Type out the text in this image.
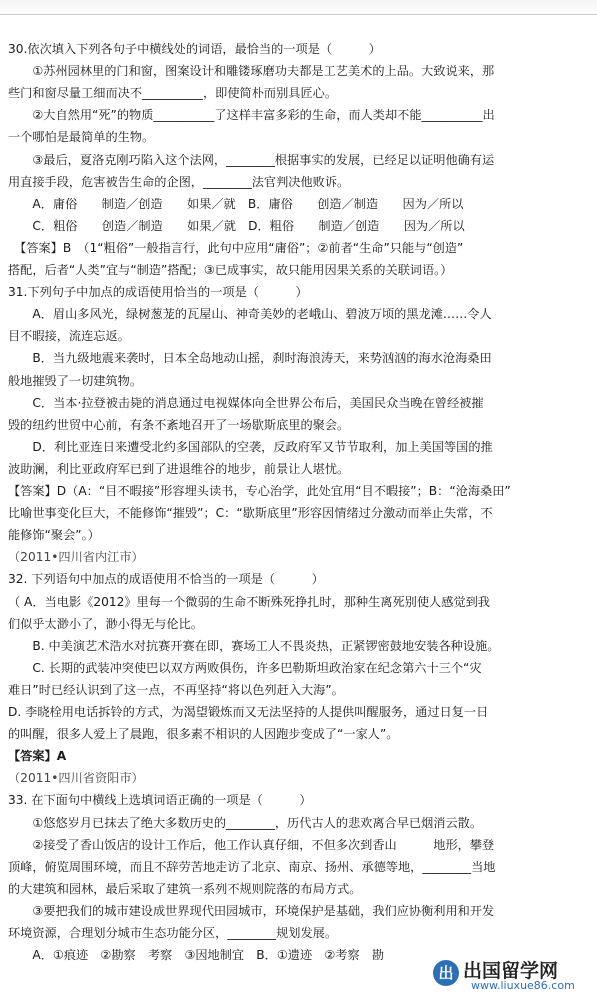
30.依次填入下列各句子中横线处的词语，最恰当的一项是（　　　）
　　①苏州园林里的门和窗，图案设计和雕镂琢磨功夫都是工艺美术的上品。大致说来，那
些门和窗尽量工细而决不__________，即使简朴而别具匠心。
　　②大自然用“死”的物质__________了这样丰富多彩的生命，而人类却不能__________出
一个哪怕是最简单的生物。
　　③最后，夏洛克刚巧陷入这个法网，________根据事实的发展，已经足以证明他确有运
用直接手段，危害被告生命的企图，________法官判决他败诉。
　　A．庸俗　　制造／创造　　如果／就　B．庸俗　　创造／制造　　因为／所以
　　C．粗俗　　创造／制造　　如果／就　D．粗俗　　制造／创造　　因为／所以
　【答案】B　（1“粗俗”一般指言行，此句中应用“庸俗”；②前者“生命”只能与“创造”
搭配，后者“人类”宜与“制造”搭配；③已成事实，故只能用因果关系的关联词语。）
31.下列句子中加点的成语使用恰当的一项是（　　　）
　　A．眉山多风光，绿树葱茏的瓦屋山、神奇美妙的老峨山、碧波万顷的黑龙滩……令人
目不暇接，流连忘返。
　　B．当九级地震来袭时，日本全岛地动山摇，刹时海浪涛天，来势汹汹的海水沧海桑田
般地摧毁了一切建筑物。
　　C．当本·拉登被击毙的消息通过电视媒体向全世界公布后，美国民众当晚在曾经被摧
毁的纽约世贸中心前，有条不紊地召开了一场歇斯底里的聚会。
　　D．利比亚连日来遭受北约多国部队的空袭，反政府军又节节取利，加上美国等国的推
波助澜，利比亚政府军已到了进退维谷的地步，前景让人堪忧。
【答案】D（A：“目不暇接”形容埋头读书，专心治学，此处宜用“目不暇接”；B：“沧海桑田”
比喻世事变化巨大，不能修饰“摧毁”；C：“歇斯底里”形容因情绪过分激动而举止失常，不
能修饰“聚会”。）
（2011•四川省内江市）
32. 下列语句中加点的成语使用不恰当的一项是（　　　）
（ A．当电影《2012》里每一个微弱的生命不断殊死挣扎时，那种生离死别使人感觉到我
们似乎太渺小了，渺小得无与伦比。
　　B. 中美演艺术浩水对抗赛开赛在即，赛场工人不畏炎热，正紧锣密鼓地安装各种设施。
　　C. 长期的武装冲突使巴以双方两败俱伤，许多巴勒斯坦政治家在纪念第六十三个“灾
难日”时已经认识到了这一点，不再坚持“将以色列赶入大海”。
D. 李晓栓用电话拆铃的方式，为渴望锻炼而又无法坚持的人提供叫醒服务，通过日复一日
的叫醒，很多人爱上了晨跑，很多素不相识的人因跑步变成了“一家人”。
【答案】A
（2011•四川省资阳市）
33. 在下面句中横线上选填词语正确的一项是（　　　）
　　①悠悠岁月已抹去了绝大多数历史的________，历代古人的悲欢离合早已烟消云散。
　　②接受了香山饭店的设计工作后，他工作认真仔细，不但多次到香山　　　地形，攀登
顶峰，俯览周围环境，而且不辞劳苦地走访了北京、南京、扬州、承德等地，________当地
的大建筑和园林，最后采取了建筑一系列不规则院落的布局方式。
　　③要把我们的城市建设成世界现代田园城市，环境保护是基础，我们应协衡利用和开发
环境资源，合理划分城市生态功能分区，________规划发展。
　　A．①痕迹　②勘察　考察　③因地制宜　B．①遗迹　②考察　勘
出 出国留学网
www.liuxue86.com
